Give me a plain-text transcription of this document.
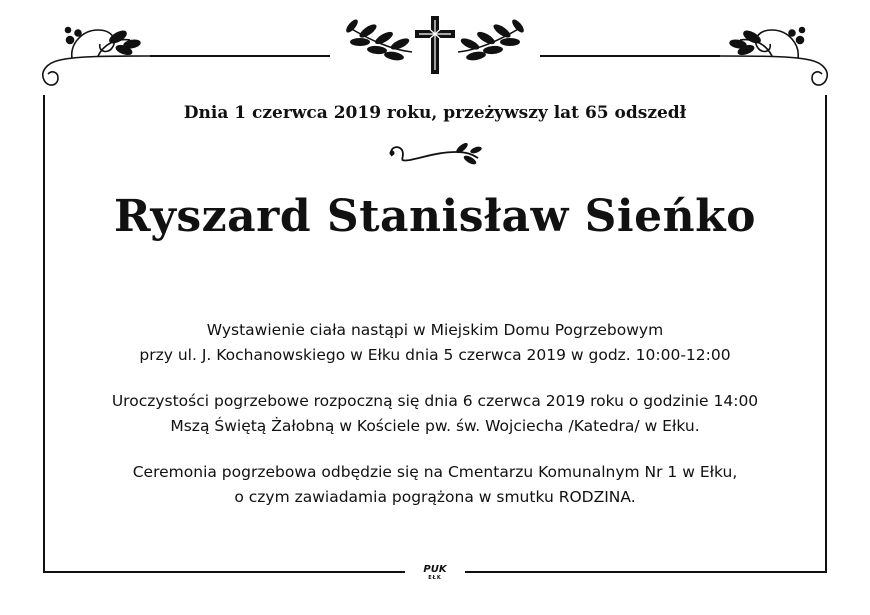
Dnia 1 czerwca 2019 roku, przeżywszy lat 65 odszedł
Ryszard Stanisław Sieńko

Wystawienie ciała nastąpi w Miejskim Domu Pogrzebowym
przy ul. J. Kochanowskiego w Ełku dnia 5 czerwca 2019 w godz. 10:00-12:00

Uroczystości pogrzebowe rozpoczną się dnia 6 czerwca 2019 roku o godzinie 14:00
Mszą Świętą Żałobną w Kościele pw. św. Wojciecha /Katedra/ w Ełku.

Ceremonia pogrzebowa odbędzie się na Cmentarzu Komunalnym Nr 1 w Ełku,
o czym zawiadamia pogrążona w smutku RODZINA.

PUK
EŁK
